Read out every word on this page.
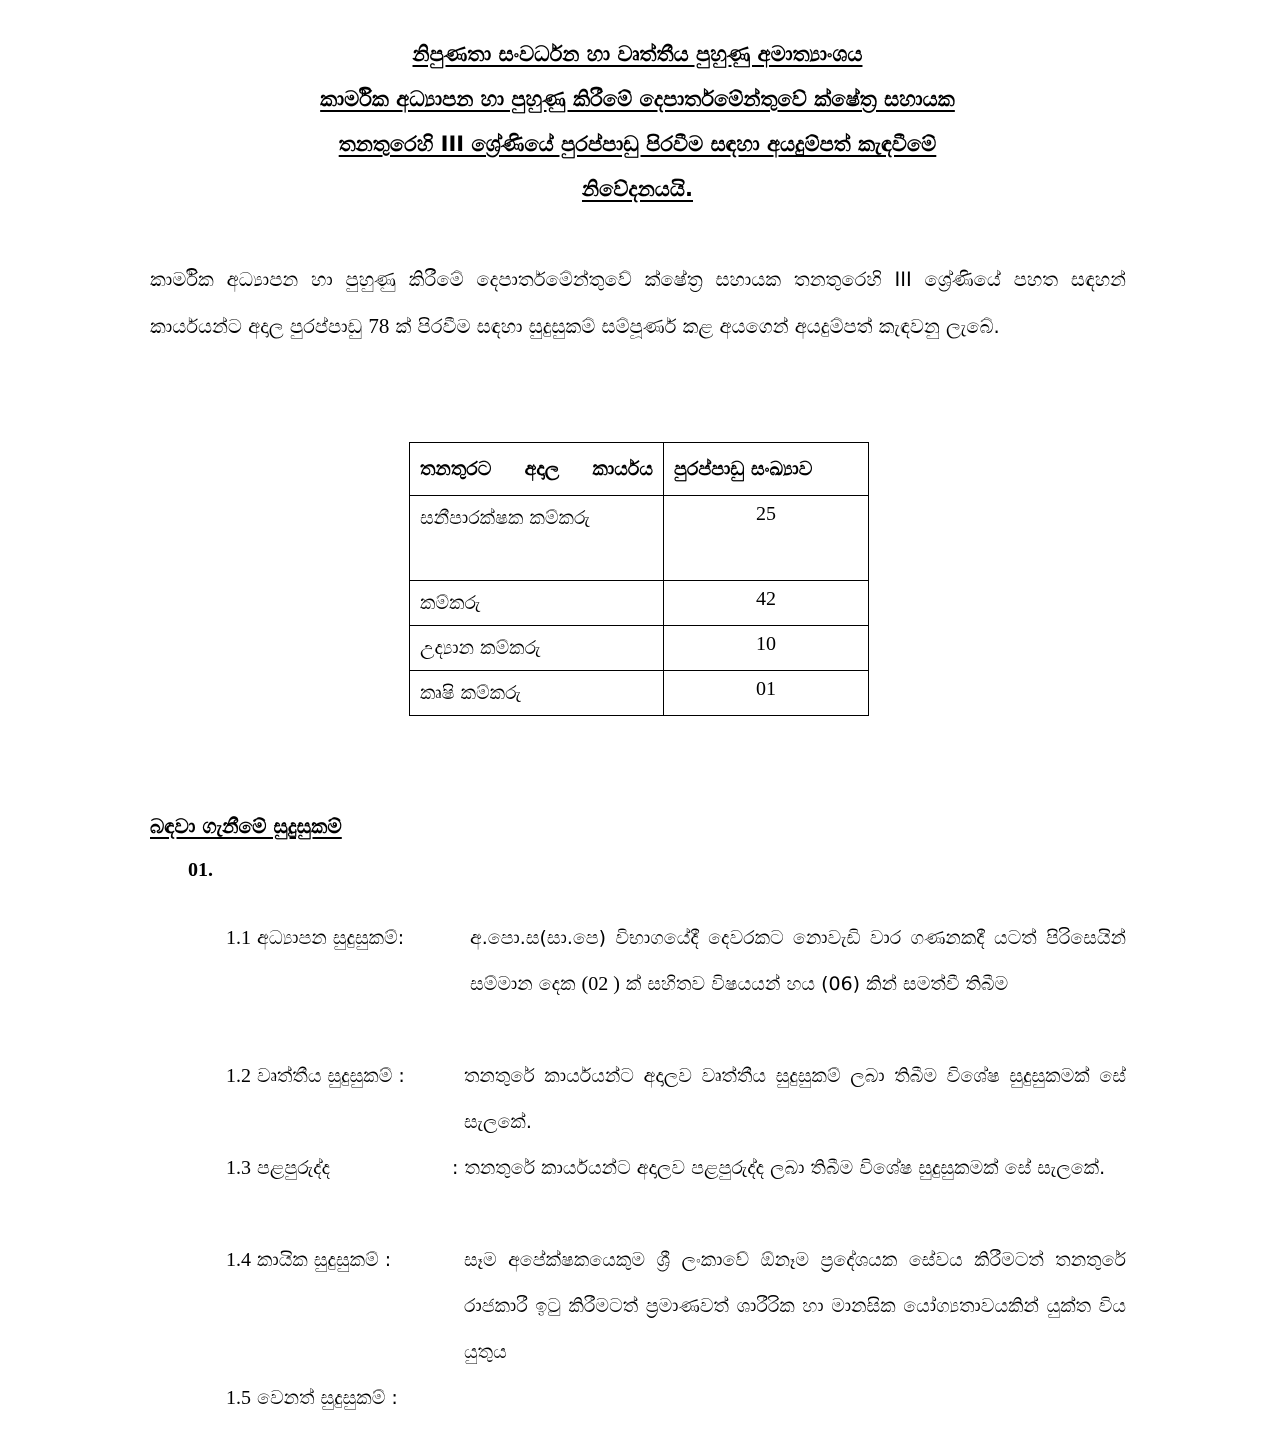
නිපුණතා සංවර්ධන හා වෘත්තීය පුහුණු අමාත්‍යාංශය
කාර්මික අධ්‍යාපන හා පුහුණු කිරීමේ දෙපාර්තමේන්තුවේ ක්ෂේත්‍ර සහායක
තනතුරෙහි III ශ්‍රේණියේ පුරප්පාඩු පිරවීම සඳහා අයදුම්පත් කැඳවීමේ
නිවේදනයයි.
කාර්මික අධ්‍යාපන හා පුහුණු කිරීමේ දෙපාර්තමේන්තුවේ ක්ෂේත්‍ර සහායක තනතුරෙහි III ශ්‍රේණියේ පහත සඳහන් කාර්යයන්ට අදාල පුරප්පාඩු 78 ක් පිරවීම සඳහා සුදුසුකම් සම්පූර්ණ කළ අයගෙන් අයදුම්පත් කැඳවනු ලැබේ.
තනතුරට අදාල කාර්යය	පුරප්පාඩු සංඛ්‍යාව
සනීපාරක්ෂක කම්කරු	25
කම්කරු	42
උද්‍යාන කම්කරු	10
කෘෂි කම්කරු	01
බඳවා ගැනීමේ සුදුසුකම්
01.
1.1 අධ්‍යාපන සුදුසුකම්:	අ.පො.ස(සා.පෙ) විභාගයේදී දෙවරකට නොවැඩි වාර ගණනකදී යටත් පිරිසෙයින් සම්මාන දෙක (02 ) ක් සහිතව විෂයයන් හය (06) කින් සමත්වී තිබීම
1.2 වෘත්තීය සුදුසුකම් :	තනතුරේ කාර්යයන්ට අදාලව වෘත්තීය සුදුසුකම් ලබා තිබීම විශේෂ සුදුසුකමක් සේ සැලකේ.
1.3 පළපුරුද්ද	: තනතුරේ කාර්යයන්ට අදාලව පළපුරුද්ද ලබා තිබීම විශේෂ සුදුසුකමක් සේ සැලකේ.
1.4 කායික සුදුසුකම් :	සෑම අපේක්ෂකයෙකුම ශ්‍රී ලංකාවේ ඕනෑම ප්‍රදේශයක සේවය කිරීමටත් තනතුරේ රාජකාරී ඉටු කිරීමටත් ප්‍රමාණවත් ශාරීරික හා මානසික යෝග්‍යතාවයකින් යුක්ත විය යුතුය
1.5 වෙනත් සුදුසුකම් :
